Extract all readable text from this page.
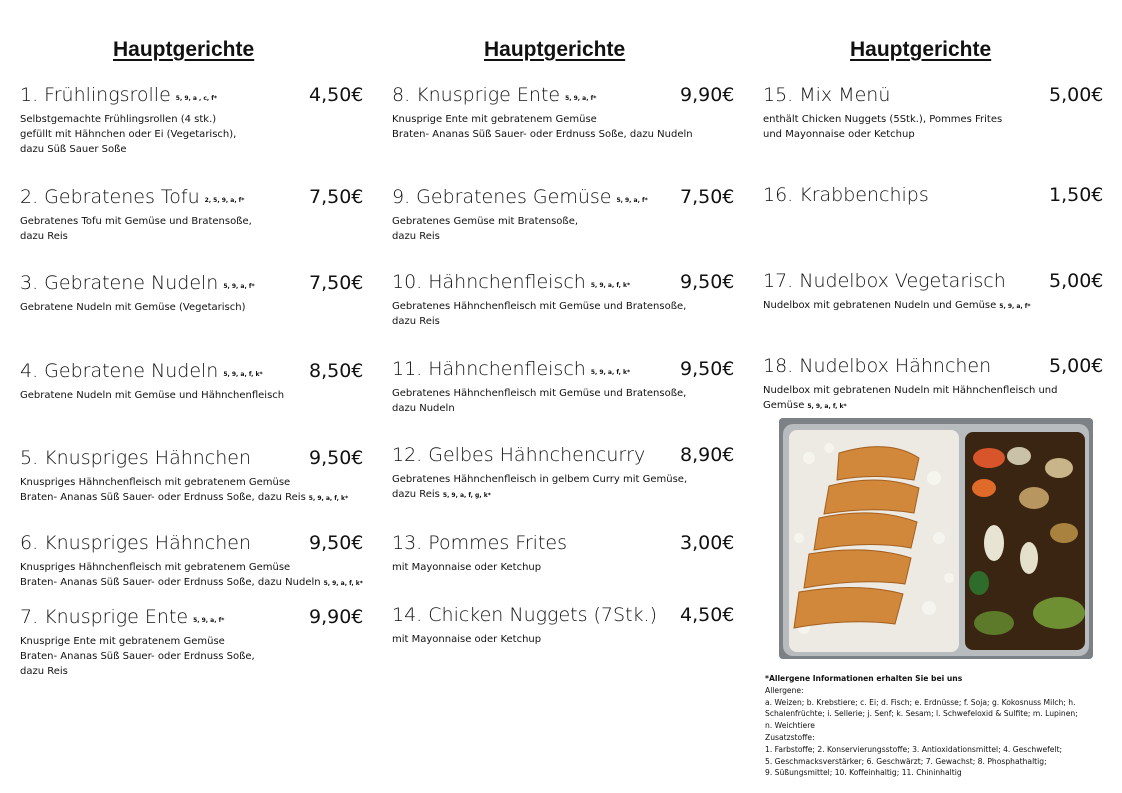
Hauptgerichte
1. Frühlingsrolle 5, 9, a , c, f*	4,50€
Selbstgemachte Frühlingsrollen (4 stk.)
gefüllt mit Hähnchen oder Ei (Vegetarisch),
dazu Süß Sauer Soße
2. Gebratenes Tofu 2, 5, 9, a, f*	7,50€
Gebratenes Tofu mit Gemüse und Bratensoße,
dazu Reis
3. Gebratene Nudeln 5, 9, a, f*	7,50€
Gebratene Nudeln mit Gemüse (Vegetarisch)
4. Gebratene Nudeln 5, 9, a, f, k* 8,50€
Gebratene Nudeln mit Gemüse und Hähnchenfleisch
5. Knuspriges Hähnchen	9,50€
Knuspriges Hähnchenfleisch mit gebratenem Gemüse
Braten- Ananas Süß Sauer- oder Erdnuss Soße, dazu Reis 5, 9, a, f, k*
6. Knuspriges Hähnchen	9,50€
Knuspriges Hähnchenfleisch mit gebratenem Gemüse
Braten- Ananas Süß Sauer- oder Erdnuss Soße, dazu Nudeln 5, 9, a, f, k*
7. Knusprige Ente 5, 9, a, f*	9,90€
Knusprige Ente mit gebratenem Gemüse
Braten- Ananas Süß Sauer- oder Erdnuss Soße,
dazu Reis
Hauptgerichte
8. Knusprige Ente 5, 9, a, f*	9,90€
Knusprige Ente mit gebratenem Gemüse
Braten- Ananas Süß Sauer- oder Erdnuss Soße, dazu Nudeln
9. Gebratenes Gemüse 5, 9, a, f* 7,50€
Gebratenes Gemüse mit Bratensoße,
dazu Reis
10. Hähnchenfleisch 5, 9, a, f, k*	9,50€
Gebratenes Hähnchenfleisch mit Gemüse und Bratensoße,
dazu Reis
11. Hähnchenfleisch 5, 9, a, f, k*	9,50€
Gebratenes Hähnchenfleisch mit Gemüse und Bratensoße,
dazu Nudeln
12. Gelbes Hähnchencurry 8,90€
Gebratenes Hähnchenfleisch in gelbem Curry mit Gemüse,
dazu Reis 5, 9, a, f, g, k*
13. Pommes Frites	3,00€
mit Mayonnaise oder Ketchup
14. Chicken Nuggets (7Stk.) 4,50€
mit Mayonnaise oder Ketchup
Hauptgerichte
15. Mix Menü	5,00€
enthält Chicken Nuggets (5Stk.), Pommes Frites
und Mayonnaise oder Ketchup
16. Krabbenchips	1,50€
17. Nudelbox Vegetarisch 5,00€
Nudelbox mit gebratenen Nudeln und Gemüse 5, 9, a, f*
18. Nudelbox Hähnchen	5,00€
Nudelbox mit gebratenen Nudeln mit Hähnchenfleisch und
Gemüse 5, 9, a, f, k*
*Allergene Informationen erhalten Sie bei uns
Allergene:
a. Weizen; b. Krebstiere; c. Ei; d. Fisch; e. Erdnüsse; f. Soja; g. Kokosnuss Milch; h.
Schalenfrüchte; i. Sellerie; j. Senf; k. Sesam; l. Schwefeloxid & Sulfite; m. Lupinen;
n. Weichtiere
Zusatzstoffe:
1. Farbstoffe; 2. Konservierungsstoffe; 3. Antioxidationsmittel; 4. Geschwefelt;
5. Geschmacksverstärker; 6. Geschwärzt; 7. Gewachst; 8. Phosphathaltig;
9. Süßungsmittel; 10. Koffeinhaltig; 11. Chininhaltig
